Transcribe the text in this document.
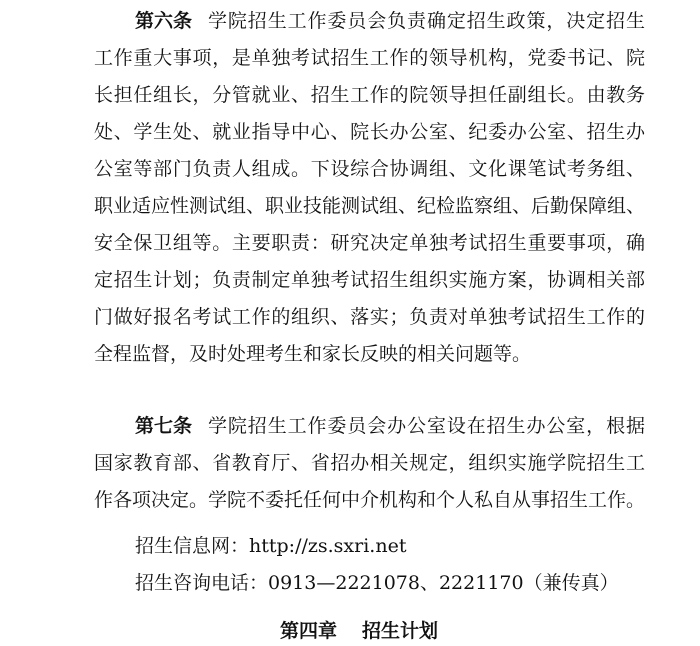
第六条 学院招生工作委员会负责确定招生政策，决定招生
工作重大事项，是单独考试招生工作的领导机构，党委书记、院
长担任组长，分管就业、招生工作的院领导担任副组长。由教务
处、学生处、就业指导中心、院长办公室、纪委办公室、招生办
公室等部门负责人组成。下设综合协调组、文化课笔试考务组、
职业适应性测试组、职业技能测试组、纪检监察组、后勤保障组、
安全保卫组等。主要职责：研究决定单独考试招生重要事项，确
定招生计划；负责制定单独考试招生组织实施方案，协调相关部
门做好报名考试工作的组织、落实；负责对单独考试招生工作的
全程监督，及时处理考生和家长反映的相关问题等。
第七条 学院招生工作委员会办公室设在招生办公室，根据
国家教育部、省教育厅、省招办相关规定，组织实施学院招生工
作各项决定。学院不委托任何中介机构和个人私自从事招生工作。
招生信息网： http://zs.sxri.net
招生咨询电话： 0913—2221078、2221170（兼传真）
第四章 招生计划
